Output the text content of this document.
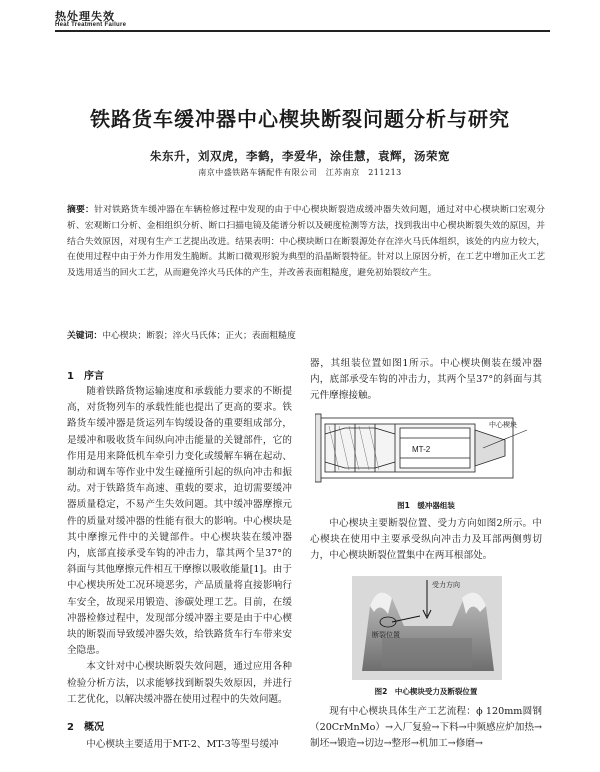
热处理失效
Heat Treatment Failure
铁路货车缓冲器中心楔块断裂问题分析与研究
朱东升，刘双虎，李鹤，李爱华，涂佳慧，袁辉，汤荣宽
南京中盛铁路车辆配件有限公司　江苏南京　211213
摘要：针对铁路货车缓冲器在车辆检修过程中发现的由于中心楔块断裂造成缓冲器失效问题，通过对中心楔块断口宏观分析、宏观断口分析、金相组织分析、断口扫描电镜及能谱分析以及硬度检测等方法，找到我出中心楔块断裂失效的原因，并结合失效原因，对现有生产工艺提出改进。结果表明：中心楔块断口在断裂源处存在淬火马氏体组织，该处的内应力较大，在使用过程中由于外力作用发生脆断。其断口微观形貌为典型的沿晶断裂特征。针对以上原因分析，在工艺中增加正火工艺及选用适当的回火工艺，从而避免淬火马氏体的产生，并改善表面粗糙度，避免初始裂纹产生。
关键词：中心楔块；断裂；淬火马氏体；正火；表面粗糙度
1　序言

随着铁路货物运输速度和承载能力要求的不断提高，对货物列车的承载性能也提出了更高的要求。铁路货车缓冲器是货运列车钩缓设备的重要组成部分，是缓冲和吸收货车间纵向冲击能量的关键部件，它的作用是用来降低机车牵引力变化或缓解车辆在起动、制动和调车等作业中发生碰撞所引起的纵向冲击和振动。对于铁路货车高速、重载的要求，迫切需要缓冲器质量稳定，不易产生失效问题。其中缓冲器摩擦元件的质量对缓冲器的性能有很大的影响。中心楔块是其中摩擦元件中的关键部件。中心楔块装在缓冲器内，底部直接承受车钩的冲击力，靠其两个呈37°的斜面与其他摩擦元件相互干摩擦以吸收能量[1]。由于中心楔块所处工况环境恶劣，产品质量将直接影响行车安全，故现采用锻造、渗碳处理工艺。目前，在缓冲器检修过程中，发现部分缓冲器主要是由于中心楔块的断裂而导致缓冲器失效，给铁路货车行车带来安全隐患。

本文针对中心楔块断裂失效问题，通过应用各种检验分析方法，以求能够找到断裂失效原因，并进行工艺优化，以解决缓冲器在使用过程中的失效问题。

2　概况

中心楔块主要适用于MT-2、MT-3等型号缓冲

器，其组装位置如图1所示。中心楔块侧装在缓冲器内，底部承受车钩的冲击力，其两个呈37°的斜面与其元件摩擦接触。

中心楔块
MT-2
图1　缓冲器组装

中心楔块主要断裂位置、受力方向如图2所示。中心楔块在使用中主要承受纵向冲击力及耳部两侧剪切力，中心楔块断裂位置集中在两耳根部处。

受力方向
断裂位置
图2　中心楔块受力及断裂位置

现有中心楔块具体生产工艺流程：ϕ 120mm圆钢（20CrMnMo）→入厂复验→下料→中频感应炉加热→制坯→锻造→切边→整形→机加工→修磨→
